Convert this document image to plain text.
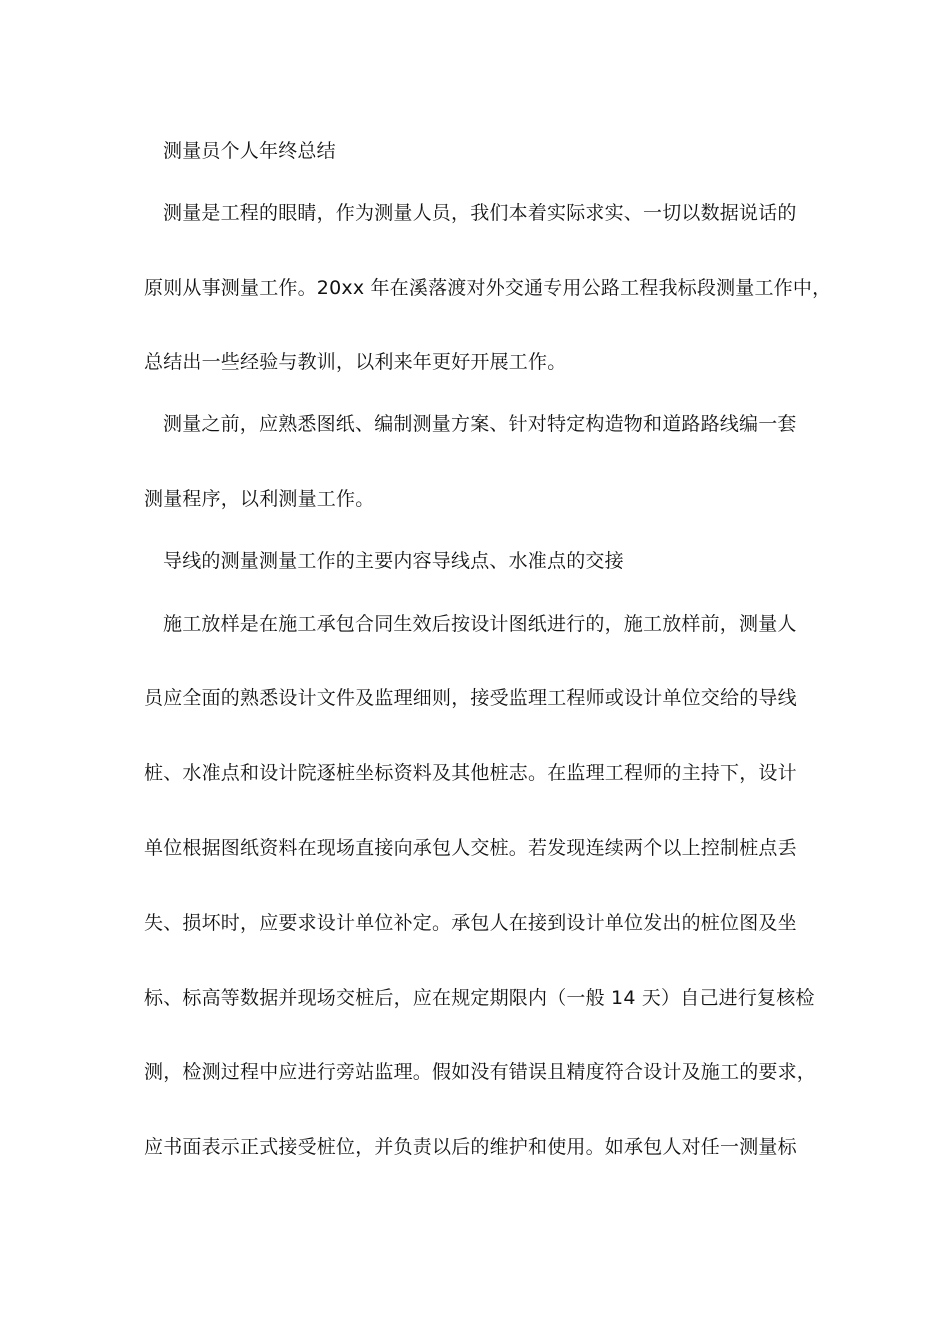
测量员个人年终总结
测量是工程的眼睛，作为测量人员，我们本着实际求实、一切以数据说话的
原则从事测量工作。20xx 年在溪落渡对外交通专用公路工程我标段测量工作中，
总结出一些经验与教训，以利来年更好开展工作。
测量之前，应熟悉图纸、编制测量方案、针对特定构造物和道路路线编一套
测量程序，以利测量工作。
导线的测量测量工作的主要内容导线点、水准点的交接
施工放样是在施工承包合同生效后按设计图纸进行的，施工放样前，测量人
员应全面的熟悉设计文件及监理细则，接受监理工程师或设计单位交给的导线
桩、水准点和设计院逐桩坐标资料及其他桩志。在监理工程师的主持下，设计
单位根据图纸资料在现场直接向承包人交桩。若发现连续两个以上控制桩点丢
失、损坏时，应要求设计单位补定。承包人在接到设计单位发出的桩位图及坐
标、标高等数据并现场交桩后，应在规定期限内（一般 14 天）自己进行复核检
测，检测过程中应进行旁站监理。假如没有错误且精度符合设计及施工的要求，
应书面表示正式接受桩位，并负责以后的维护和使用。如承包人对任一测量标
